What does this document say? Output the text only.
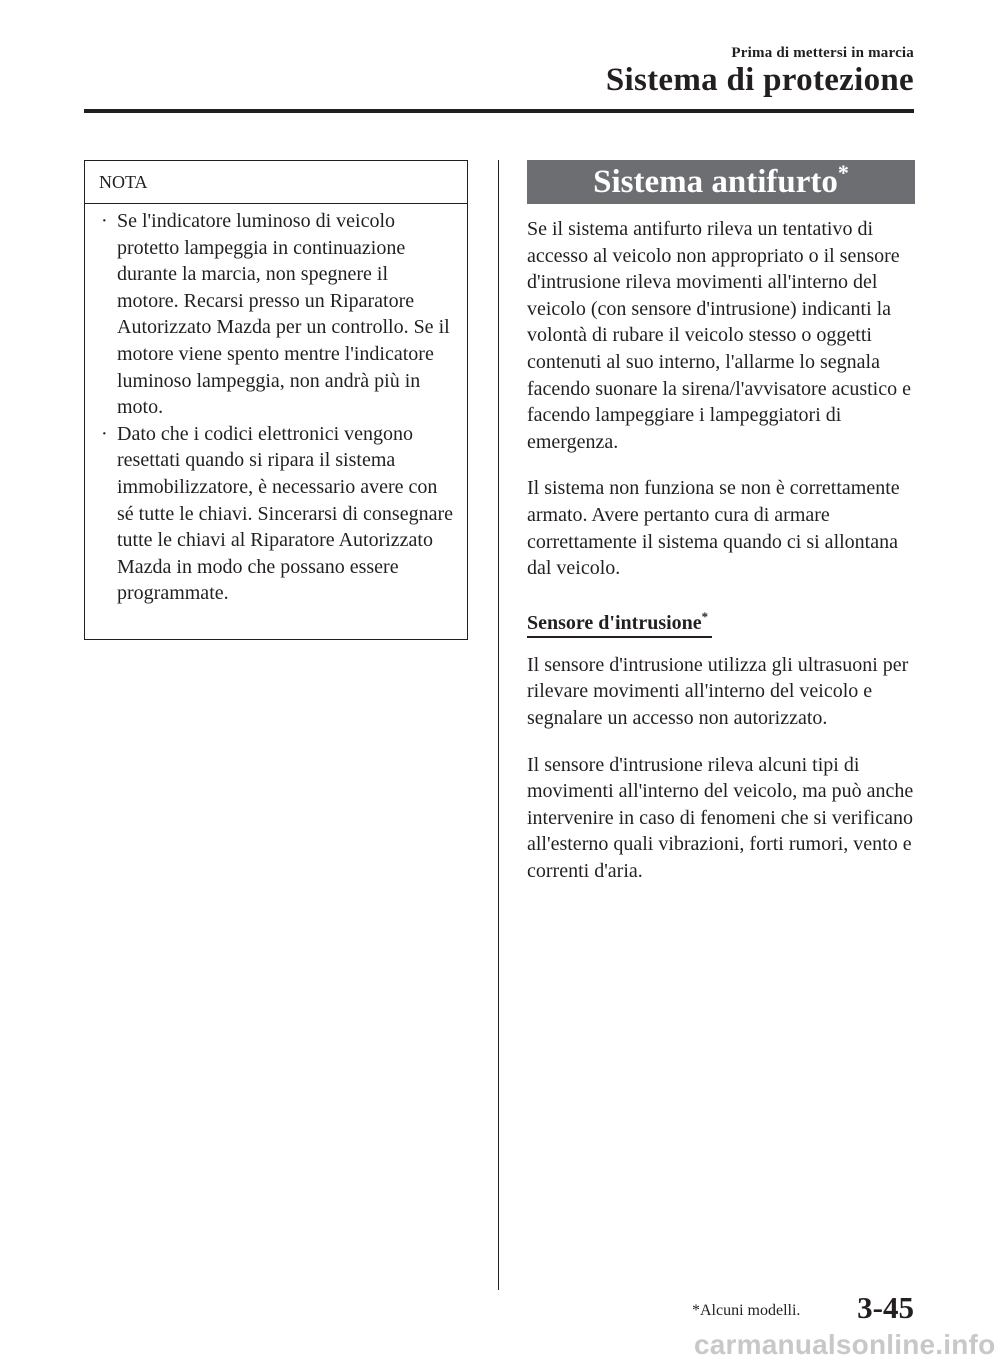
Prima di mettersi in marcia
Sistema di protezione
NOTA
· Se l'indicatore luminoso di veicolo protetto lampeggia in continuazione durante la marcia, non spegnere il motore. Recarsi presso un Riparatore Autorizzato Mazda per un controllo. Se il motore viene spento mentre l'indicatore luminoso lampeggia, non andrà più in moto.
· Dato che i codici elettronici vengono resettati quando si ripara il sistema immobilizzatore, è necessario avere con sé tutte le chiavi. Sincerarsi di consegnare tutte le chiavi al Riparatore Autorizzato Mazda in modo che possano essere programmate.
Sistema antifurto*

Se il sistema antifurto rileva un tentativo di accesso al veicolo non appropriato o il sensore d'intrusione rileva movimenti all'interno del veicolo (con sensore d'intrusione) indicanti la volontà di rubare il veicolo stesso o oggetti contenuti al suo interno, l'allarme lo segnala facendo suonare la sirena/l'avvisatore acustico e facendo lampeggiare i lampeggiatori di emergenza.

Il sistema non funziona se non è correttamente armato. Avere pertanto cura di armare correttamente il sistema quando ci si allontana dal veicolo.

Sensore d'intrusione*

Il sensore d'intrusione utilizza gli ultrasuoni per rilevare movimenti all'interno del veicolo e segnalare un accesso non autorizzato.

Il sensore d'intrusione rileva alcuni tipi di movimenti all'interno del veicolo, ma può anche intervenire in caso di fenomeni che si verificano all'esterno quali vibrazioni, forti rumori, vento e correnti d'aria.

*Alcuni modelli. 3-45
carmanualsonline.info
